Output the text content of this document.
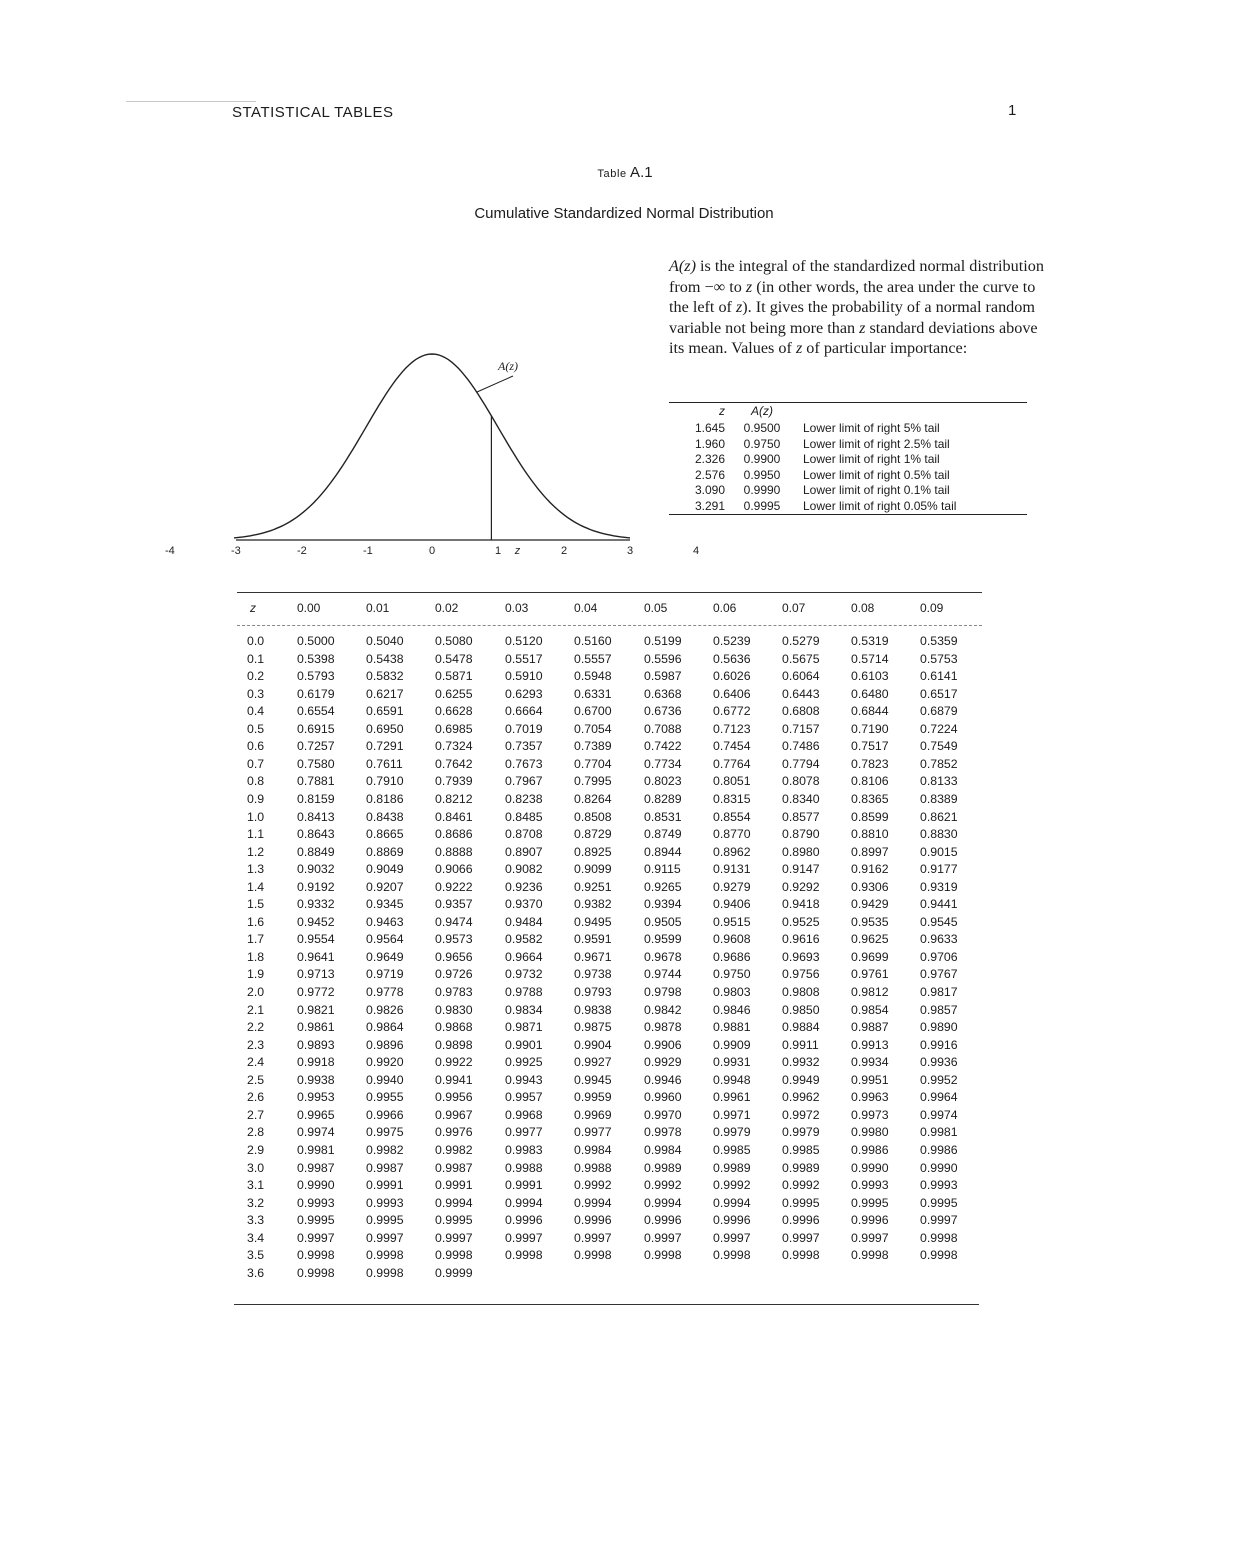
STATISTICAL TABLES	1
Table A.1
Cumulative Standardized Normal Distribution
A(z) is the integral of the standardized normal distribution from −∞ to z (in other words, the area under the curve to the left of z). It gives the probability of a normal random variable not being more than z standard deviations above its mean. Values of z of particular importance:
A(z)
-4	-3	-2	-1	0	1 z	2	3	4
z	A(z)	
1.645	0.9500	Lower limit of right 5% tail
1.960	0.9750	Lower limit of right 2.5% tail
2.326	0.9900	Lower limit of right 1% tail
2.576	0.9950	Lower limit of right 0.5% tail
3.090	0.9990	Lower limit of right 0.1% tail
3.291	0.9995	Lower limit of right 0.05% tail
z	0.00	0.01	0.02	0.03	0.04	0.05	0.06	0.07	0.08	0.09
0.0	0.5000	0.5040	0.5080	0.5120	0.5160	0.5199	0.5239	0.5279	0.5319	0.5359
0.1	0.5398	0.5438	0.5478	0.5517	0.5557	0.5596	0.5636	0.5675	0.5714	0.5753
0.2	0.5793	0.5832	0.5871	0.5910	0.5948	0.5987	0.6026	0.6064	0.6103	0.6141
0.3	0.6179	0.6217	0.6255	0.6293	0.6331	0.6368	0.6406	0.6443	0.6480	0.6517
0.4	0.6554	0.6591	0.6628	0.6664	0.6700	0.6736	0.6772	0.6808	0.6844	0.6879
0.5	0.6915	0.6950	0.6985	0.7019	0.7054	0.7088	0.7123	0.7157	0.7190	0.7224
0.6	0.7257	0.7291	0.7324	0.7357	0.7389	0.7422	0.7454	0.7486	0.7517	0.7549
0.7	0.7580	0.7611	0.7642	0.7673	0.7704	0.7734	0.7764	0.7794	0.7823	0.7852
0.8	0.7881	0.7910	0.7939	0.7967	0.7995	0.8023	0.8051	0.8078	0.8106	0.8133
0.9	0.8159	0.8186	0.8212	0.8238	0.8264	0.8289	0.8315	0.8340	0.8365	0.8389
1.0	0.8413	0.8438	0.8461	0.8485	0.8508	0.8531	0.8554	0.8577	0.8599	0.8621
1.1	0.8643	0.8665	0.8686	0.8708	0.8729	0.8749	0.8770	0.8790	0.8810	0.8830
1.2	0.8849	0.8869	0.8888	0.8907	0.8925	0.8944	0.8962	0.8980	0.8997	0.9015
1.3	0.9032	0.9049	0.9066	0.9082	0.9099	0.9115	0.9131	0.9147	0.9162	0.9177
1.4	0.9192	0.9207	0.9222	0.9236	0.9251	0.9265	0.9279	0.9292	0.9306	0.9319
1.5	0.9332	0.9345	0.9357	0.9370	0.9382	0.9394	0.9406	0.9418	0.9429	0.9441
1.6	0.9452	0.9463	0.9474	0.9484	0.9495	0.9505	0.9515	0.9525	0.9535	0.9545
1.7	0.9554	0.9564	0.9573	0.9582	0.9591	0.9599	0.9608	0.9616	0.9625	0.9633
1.8	0.9641	0.9649	0.9656	0.9664	0.9671	0.9678	0.9686	0.9693	0.9699	0.9706
1.9	0.9713	0.9719	0.9726	0.9732	0.9738	0.9744	0.9750	0.9756	0.9761	0.9767
2.0	0.9772	0.9778	0.9783	0.9788	0.9793	0.9798	0.9803	0.9808	0.9812	0.9817
2.1	0.9821	0.9826	0.9830	0.9834	0.9838	0.9842	0.9846	0.9850	0.9854	0.9857
2.2	0.9861	0.9864	0.9868	0.9871	0.9875	0.9878	0.9881	0.9884	0.9887	0.9890
2.3	0.9893	0.9896	0.9898	0.9901	0.9904	0.9906	0.9909	0.9911	0.9913	0.9916
2.4	0.9918	0.9920	0.9922	0.9925	0.9927	0.9929	0.9931	0.9932	0.9934	0.9936
2.5	0.9938	0.9940	0.9941	0.9943	0.9945	0.9946	0.9948	0.9949	0.9951	0.9952
2.6	0.9953	0.9955	0.9956	0.9957	0.9959	0.9960	0.9961	0.9962	0.9963	0.9964
2.7	0.9965	0.9966	0.9967	0.9968	0.9969	0.9970	0.9971	0.9972	0.9973	0.9974
2.8	0.9974	0.9975	0.9976	0.9977	0.9977	0.9978	0.9979	0.9979	0.9980	0.9981
2.9	0.9981	0.9982	0.9982	0.9983	0.9984	0.9984	0.9985	0.9985	0.9986	0.9986
3.0	0.9987	0.9987	0.9987	0.9988	0.9988	0.9989	0.9989	0.9989	0.9990	0.9990
3.1	0.9990	0.9991	0.9991	0.9991	0.9992	0.9992	0.9992	0.9992	0.9993	0.9993
3.2	0.9993	0.9993	0.9994	0.9994	0.9994	0.9994	0.9994	0.9995	0.9995	0.9995
3.3	0.9995	0.9995	0.9995	0.9996	0.9996	0.9996	0.9996	0.9996	0.9996	0.9997
3.4	0.9997	0.9997	0.9997	0.9997	0.9997	0.9997	0.9997	0.9997	0.9997	0.9998
3.5	0.9998	0.9998	0.9998	0.9998	0.9998	0.9998	0.9998	0.9998	0.9998	0.9998
3.6	0.9998	0.9998	0.9999
